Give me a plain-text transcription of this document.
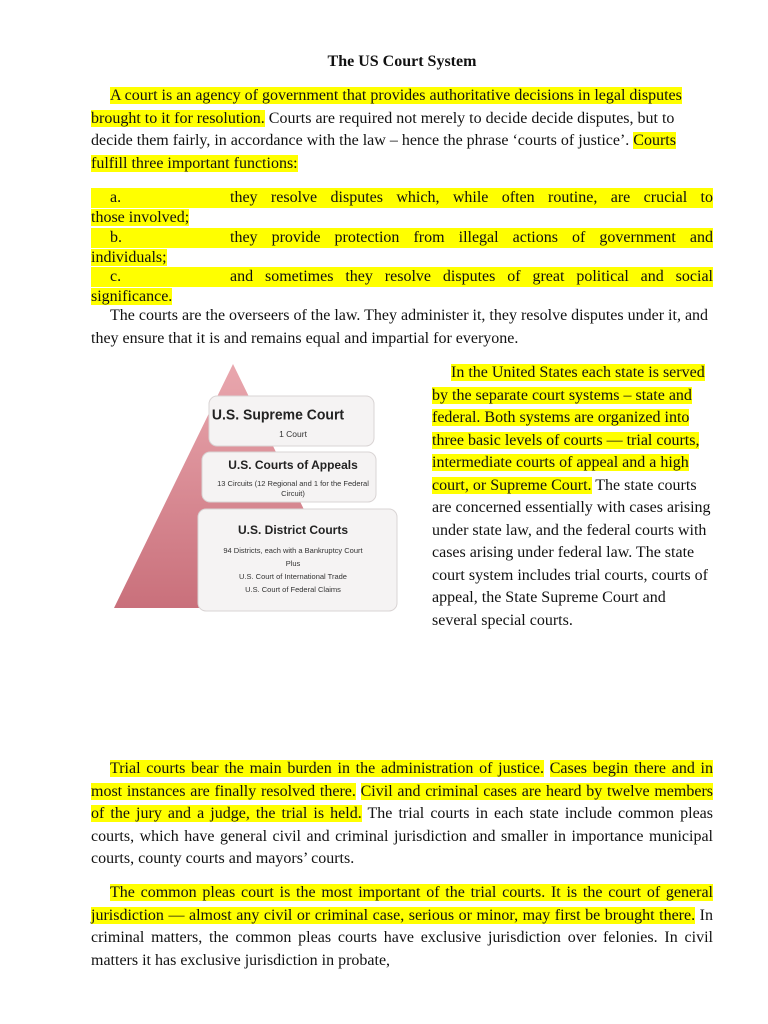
The US Court System

A court is an agency of government that provides authoritative decisions in legal disputes brought to it for resolution. Courts are required not merely to decide decide disputes, but to decide them fairly, in accordance with the law – hence the phrase ‘courts of justice’. Courts fulfill three important functions:

a.	they resolve disputes which, while often routine, are crucial to
those involved;
b.	they provide protection from illegal actions of government and
individuals;
c.	and sometimes they resolve disputes of great political and social
significance.

The courts are the overseers of the law. They administer it, they resolve disputes under it, and they ensure that it is and remains equal and impartial for everyone.

In the United States each state is served by the separate court systems – state and federal. Both systems are organized into three basic levels of courts — trial courts, intermediate courts of appeal and a high court, or Supreme Court. The state courts are concerned essentially with cases arising under state law, and the federal courts with cases arising under federal law. The state court system includes trial courts, courts of appeal, the State Supreme Court and several special courts.

Trial courts bear the main burden in the administration of justice. Cases begin there and in most instances are finally resolved there. Civil and criminal cases are heard by twelve members of the jury and a judge, the trial is held. The trial courts in each state include common pleas courts, which have general civil and criminal jurisdiction and smaller in importance municipal courts, county courts and mayors’ courts.

The common pleas court is the most important of the trial courts. It is the court of general jurisdiction — almost any civil or criminal case, serious or minor, may first be brought there. In criminal matters, the common pleas courts have exclusive jurisdiction over felonies. In civil matters it has exclusive jurisdiction in probate,

U.S. Supreme Court
1 Court
U.S. Courts of Appeals
13 Circuits (12 Regional and 1 for the Federal
Circuit)
U.S. District Courts
94 Districts, each with a Bankruptcy Court
Plus
U.S. Court of International Trade
U.S. Court of Federal Claims
